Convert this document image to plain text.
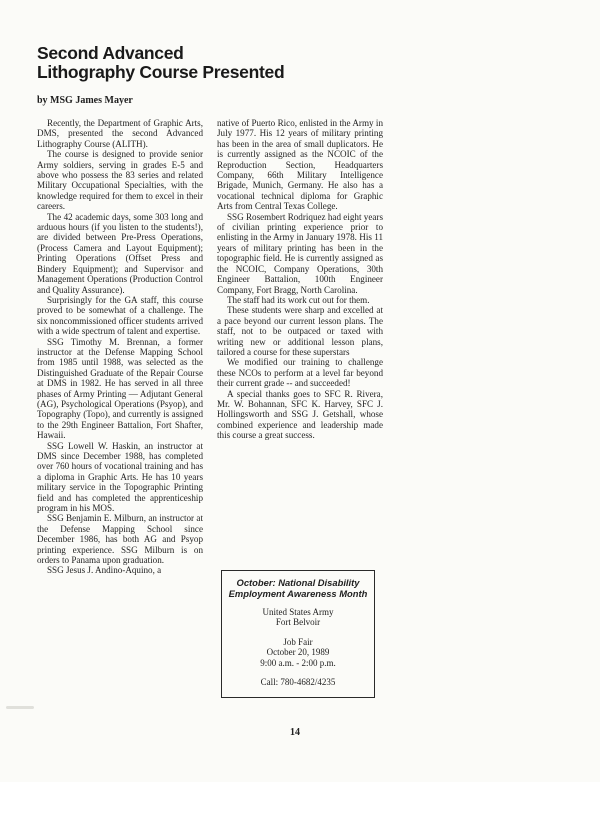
Second Advanced
Lithography Course Presented
by MSG James Mayer

Recently, the Department of Graphic Arts, DMS, presented the second Advanced Lithography Course (ALITH).

The course is designed to provide senior Army soldiers, serving in grades E-5 and above who possess the 83 series and related Military Occupational Specialties, with the knowledge required for them to excel in their careers.

The 42 academic days, some 303 long and arduous hours (if you listen to the students!), are divided between Pre-Press Operations, (Process Camera and Layout Equipment); Printing Operations (Offset Press and Bindery Equipment); and Supervisor and Management Operations (Production Control and Quality Assurance).

Surprisingly for the GA staff, this course proved to be somewhat of a challenge. The six noncommissioned officer students arrived with a wide spectrum of talent and expertise.

SSG Timothy M. Brennan, a former instructor at the Defense Mapping School from 1985 until 1988, was selected as the Distinguished Graduate of the Repair Course at DMS in 1982. He has served in all three phases of Army Printing — Adjutant General (AG), Psychological Operations (Psyop), and Topography (Topo), and currently is assigned to the 29th Engineer Battalion, Fort Shafter, Hawaii.

SSG Lowell W. Haskin, an instructor at DMS since December 1988, has completed over 760 hours of vocational training and has a diploma in Graphic Arts. He has 10 years military service in the Topographic Printing field and has completed the apprenticeship program in his MOS.

SSG Benjamin E. Milburn, an instructor at the Defense Mapping School since December 1986, has both AG and Psyop printing experience. SSG Milburn is on orders to Panama upon graduation.

SSG Jesus J. Andino-Aquino, a

native of Puerto Rico, enlisted in the Army in July 1977. His 12 years of military printing has been in the area of small duplicators. He is currently assigned as the NCOIC of the Reproduction Section, Headquarters Company, 66th Military Intelligence Brigade, Munich, Germany. He also has a vocational technical diploma for Graphic Arts from Central Texas College.

SSG Rosembert Rodriquez had eight years of civilian printing experience prior to enlisting in the Army in January 1978. His 11 years of military printing has been in the topographic field. He is currently assigned as the NCOIC, Company Operations, 30th Engineer Battalion, 100th Engineer Company, Fort Bragg, North Carolina.

The staff had its work cut out for them.

These students were sharp and excelled at a pace beyond our current lesson plans. The staff, not to be outpaced or taxed with writing new or additional lesson plans, tailored a course for these superstars

We modified our training to challenge these NCOs to perform at a level far beyond their current grade -- and succeeded!

A special thanks goes to SFC R. Rivera, Mr. W. Bohannan, SFC K. Harvey, SFC J. Hollingsworth and SSG J. Getshall, whose combined experience and leadership made this course a great success.

October: National Disability
Employment Awareness Month

United States Army

Fort Belvoir

Job Fair

October 20, 1989

9:00 a.m. - 2:00 p.m.

Call: 780-4682/4235

14
